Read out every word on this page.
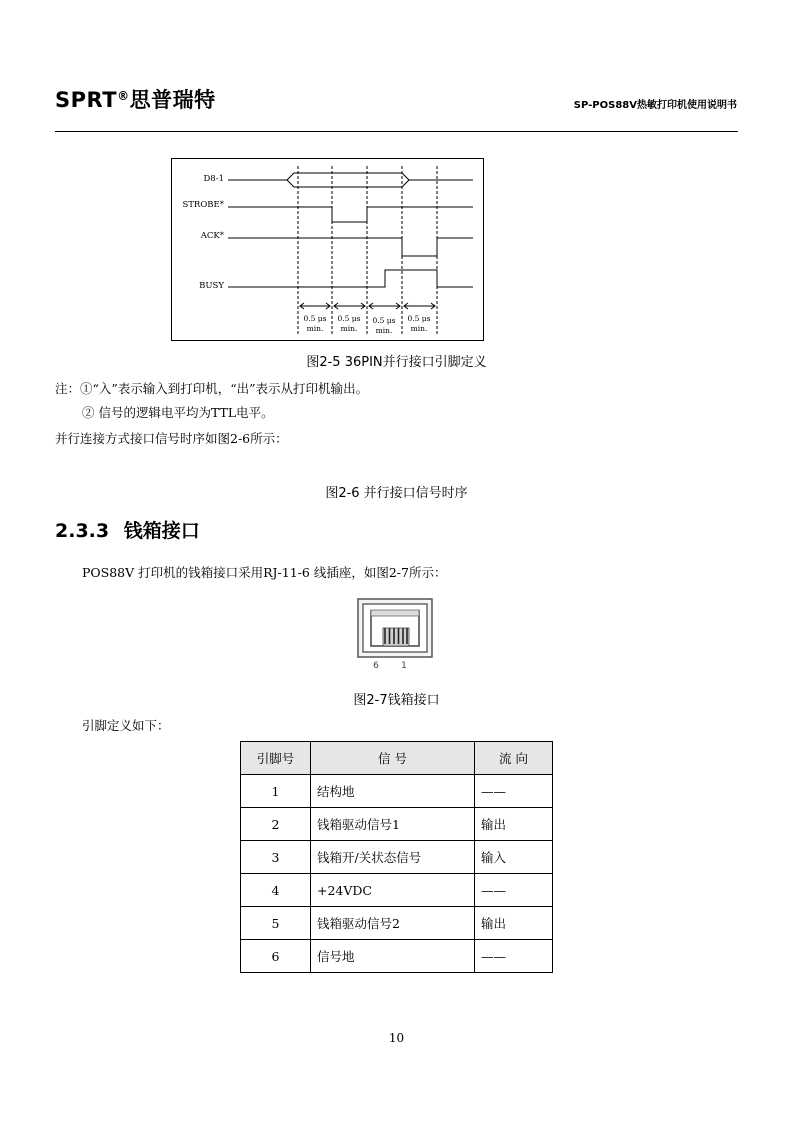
SPRT®思普瑞特	SP-POS88Ⅴ热敏打印机使用说明书
D8-1
STROBE*
ACK*
BUSY
0.5 μs
min.
0.5 μs
min.
0.5 μs
min.
0.5 μs
min.
图2-5 36PIN并行接口引脚定义
注：①“入”表示输入到打印机，“出”表示从打印机输出。
② 信号的逻辑电平均为TTL电平。
并行连接方式接口信号时序如图2-6所示：
图2-6 并行接口信号时序
2.3.3 钱箱接口
POS88Ⅴ 打印机的钱箱接口采用RJ-11-6 线插座，如图2-7所示：
6 1
图2-7钱箱接口
引脚定义如下：
引脚号	信 号	流 向
1	结构地	——
2	钱箱驱动信号1	输出
3	钱箱开/关状态信号	输入
4	+24VDC	——
5	钱箱驱动信号2	输出
6	信号地	——
10
